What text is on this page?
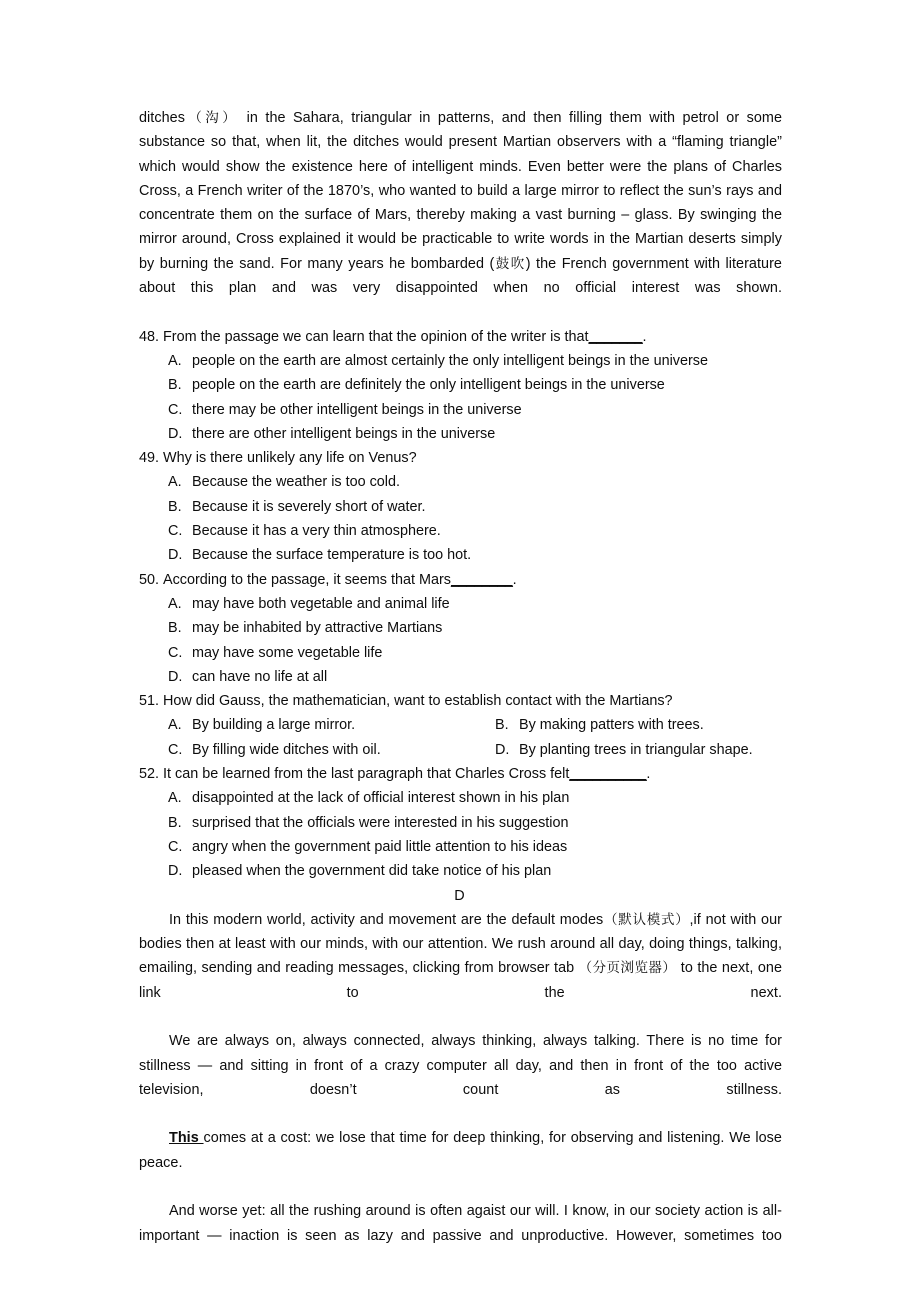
ditches（沟） in the Sahara, triangular in patterns, and then filling them with petrol or some substance so that, when lit, the ditches would present Martian observers with a “flaming triangle” which would show the existence here of intelligent minds. Even better were the plans of Charles Cross, a French writer of the 1870’s, who wanted to build a large mirror to reflect the sun’s rays and concentrate them on the surface of Mars, thereby making a vast burning – glass. By swinging the mirror around, Cross explained it would be practicable to write words in the Martian deserts simply by burning the sand. For many years he bombarded (鼓吹) the French government with literature about this plan and was very disappointed when no official interest was shown.

48. From the passage we can learn that the opinion of the writer is that_______.

A. people on the earth are almost certainly the only intelligent beings in the universe

B. people on the earth are definitely the only intelligent beings in the universe

C. there may be other intelligent beings in the universe

D. there are other intelligent beings in the universe

49. Why is there unlikely any life on Venus?

A. Because the weather is too cold.

B. Because it is severely short of water.

C. Because it has a very thin atmosphere.

D. Because the surface temperature is too hot.

50. According to the passage, it seems that Mars________.

A. may have both vegetable and animal life

B. may be inhabited by attractive Martians

C. may have some vegetable life

D. can have no life at all

51. How did Gauss, the mathematician, want to establish contact with the Martians?

A. By building a large mirror.	B. By making patters with trees.

C. By filling wide ditches with oil.	D. By planting trees in triangular shape.

52. It can be learned from the last paragraph that Charles Cross felt__________.

A. disappointed at the lack of official interest shown in his plan

B. surprised that the officials were interested in his suggestion

C. angry when the government paid little attention to his ideas

D. pleased when the government did take notice of his plan

D

In this modern world, activity and movement are the default modes（默认模式）,if not with our bodies then at least with our minds, with our attention. We rush around all day, doing things, talking, emailing, sending and reading messages, clicking from browser tab （分页浏览器） to the next, one link to the next.

We are always on, always connected, always thinking, always talking. There is no time for stillness — and sitting in front of a crazy computer all day, and then in front of the too active television, doesn’t count as stillness.

This comes at a cost: we lose that time for deep thinking, for observing and listening. We lose peace.

And worse yet: all the rushing around is often agaist our will. I know, in our society action is all-important — inaction is seen as lazy and passive and unproductive. However, sometimes too
